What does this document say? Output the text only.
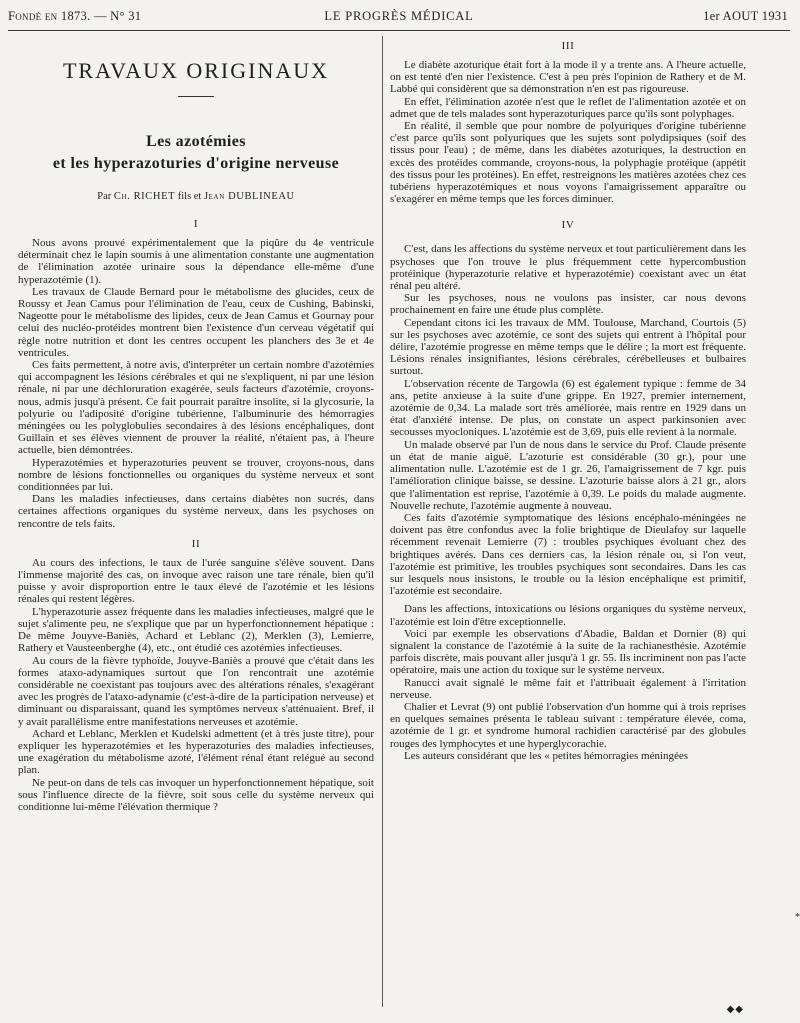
Fondé en 1873. — N° 31	LE PROGRÈS MÉDICAL	1er AOUT 1931
TRAVAUX ORIGINAUX
Les azotémies
et les hyperazoturies d'origine nerveuse
Par Ch. RICHET fils et Jean DUBLINEAU
I

Nous avons prouvé expérimentalement que la piqûre du 4e ventricule déterminait chez le lapin soumis à une alimentation constante une augmentation de l'élimination azotée urinaire sous la dépendance elle-même d'une hyperazotémie (1).

Les travaux de Claude Bernard pour le métabolisme des glucides, ceux de Roussy et Jean Camus pour l'élimination de l'eau, ceux de Cushing, Babinski, Nageotte pour le métabolisme des lipides, ceux de Jean Camus et Gournay pour celui des nucléo-protéides montrent bien l'existence d'un cerveau végétatif qui règle notre nutrition et dont les centres occupent les planchers des 3e et 4e ventricules.

Ces faits permettent, à notre avis, d'interpréter un certain nombre d'azotémies qui accompagnent les lésions cérébrales et qui ne s'expliquent, ni par une lésion rénale, ni par une déchloruration exagérée, seuls facteurs d'azotémie, croyons-nous, admis jusqu'à présent. Ce fait pourrait paraître insolite, si la glycosurie, la polyurie ou l'adiposité d'origine tubérienne, l'albuminurie des hémorragies méningées ou les polyglobulies secondaires à des lésions encéphaliques, dont Guillain et ses élèves viennent de prouver la réalité, n'étaient pas, à l'heure actuelle, bien démontrées.

Hyperazotémies et hyperazoturies peuvent se trouver, croyons-nous, dans nombre de lésions fonctionnelles ou organiques du système nerveux et sont conditionnées par lui.

Dans les maladies infectieuses, dans certains diabètes non sucrés, dans certaines affections organiques du système nerveux, dans les psychoses on rencontre de tels faits.

II

Au cours des infections, le taux de l'urée sanguine s'élève souvent. Dans l'immense majorité des cas, on invoque avec raison une tare rénale, bien qu'il puisse y avoir disproportion entre le taux élevé de l'azotémie et les lésions rénales qui restent légères.

L'hyperazoturie assez fréquente dans les maladies infectieuses, malgré que le sujet s'alimente peu, ne s'explique que par un hyperfonctionnement hépatique : De même Jouyve-Baniès, Achard et Leblanc (2), Merklen (3), Lemierre, Rathery et Vausteenberghe (4), etc., ont étudié ces azotémies infectieuses.

Au cours de la fièvre typhoïde, Jouyve-Baniès a prouvé que c'était dans les formes ataxo-adynamiques surtout que l'on rencontrait une azotémie considérable ne coexistant pas toujours avec des altérations rénales, s'exagérant avec les progrès de l'ataxo-adynamie (c'est-à-dire de la participation nerveuse) et diminuant ou disparaissant, quand les symptômes nerveux s'atténuaient. Bref, il y avait parallélisme entre manifestations nerveuses et azotémie.

Achard et Leblanc, Merklen et Kudelski admettent (et à très juste titre), pour expliquer les hyperazotémies et les hyperazoturies des maladies infectieuses, une exagération du métabolisme azoté, l'élément rénal étant relégué au second plan.

Ne peut-on dans de tels cas invoquer un hyperfonctionnement hépatique, soit sous l'influence directe de la fièvre, soit sous celle du système nerveux qui conditionne lui-même l'élévation thermique ?

III

Le diabète azoturique était fort à la mode il y a trente ans. A l'heure actuelle, on est tenté d'en nier l'existence. C'est à peu près l'opinion de Rathery et de M. Labbé qui considèrent que sa démonstration n'en est pas rigoureuse.

En effet, l'élimination azotée n'est que le reflet de l'alimentation azotée et on admet que de tels malades sont hyperazoturiques parce qu'ils sont polyphages.

En réalité, il semble que pour nombre de polyuriques d'origine tubérienne c'est parce qu'ils sont polyuriques que les sujets sont polydipsiques (soif des tissus pour l'eau) ; de même, dans les diabètes azoturiques, la destruction en excès des protéides commande, croyons-nous, la polyphagie protéique (appétit des tissus pour les protéines). En effet, restreignons les matières azotées chez ces tubériens hyperazotémiques et nous voyons l'amaigrissement apparaître ou s'exagérer en même temps que les forces diminuer.

IV

C'est, dans les affections du système nerveux et tout particulièrement dans les psychoses que l'on trouve le plus fréquemment cette hypercombustion protéinique (hyperazoturie relative et hyperazotémie) coexistant avec un état rénal peu altéré.

Sur les psychoses, nous ne voulons pas insister, car nous devons prochainement en faire une étude plus complète.

Cependant citons ici les travaux de MM. Toulouse, Marchand, Courtois (5) sur les psychoses avec azotémie, ce sont des sujets qui entrent à l'hôpital pour délire, l'azotémie progresse en même temps que le délire ; la mort est fréquente. Lésions rénales insignifiantes, lésions cérébrales, cérébelleuses et bulbaires surtout.

L'observation récente de Targowla (6) est également typique : femme de 34 ans, petite anxieuse à la suite d'une grippe. En 1927, premier internement, azotémie de 0,34. La malade sort très améliorée, mais rentre en 1929 dans un état d'anxiété intense. De plus, on constate un aspect parkinsonien avec secousses myocloniques. L'azotémie est de 3,69, puis elle revient à la normale.

Un malade observé par l'un de nous dans le service du Prof. Claude présente un état de manie aiguë. L'azoturie est considérable (30 gr.), pour une alimentation nulle. L'azotémie est de 1 gr. 26, l'amaigrissement de 7 kgr. puis l'amélioration clinique baisse, se dessine. L'azoturie baisse alors à 21 gr., alors que l'alimentation est reprise, l'azotémie à 0,39. Le poids du malade augmente. Nouvelle rechute, l'azotémie augmente à nouveau.

Ces faits d'azotémie symptomatique des lésions encéphalo-méningées ne doivent pas être confondus avec la folie brightique de Dieulafoy sur laquelle récemment revenait Lemierre (7) : troubles psychiques évoluant chez des brightiques avérés. Dans ces derniers cas, la lésion rénale ou, si l'on veut, l'azotémie est primitive, les troubles psychiques sont secondaires. Dans les cas sur lesquels nous insistons, le trouble ou la lésion encéphalique est primitif, l'azotémie est secondaire.

Dans les affections, intoxications ou lésions organiques du système nerveux, l'azotémie est loin d'être exceptionnelle.

Voici par exemple les observations d'Abadie, Baldan et Dornier (8) qui signalent la constance de l'azotémie à la suite de la rachianesthésie. Azotémie parfois discrète, mais pouvant aller jusqu'à 1 gr. 55. Ils incriminent non pas l'acte opératoire, mais une action du toxique sur le système nerveux.

Ranucci avait signalé le même fait et l'attribuait également à l'irritation nerveuse.

Chalier et Levrat (9) ont publié l'observation d'un homme qui à trois reprises en quelques semaines présenta le tableau suivant : température élevée, coma, azotémie de 1 gr. et syndrome humoral rachidien caractérisé par des globules rouges des lymphocytes et une hyperglycorachie.

Les auteurs considérant que les « petites hémorragies méningées

◆◆
*
